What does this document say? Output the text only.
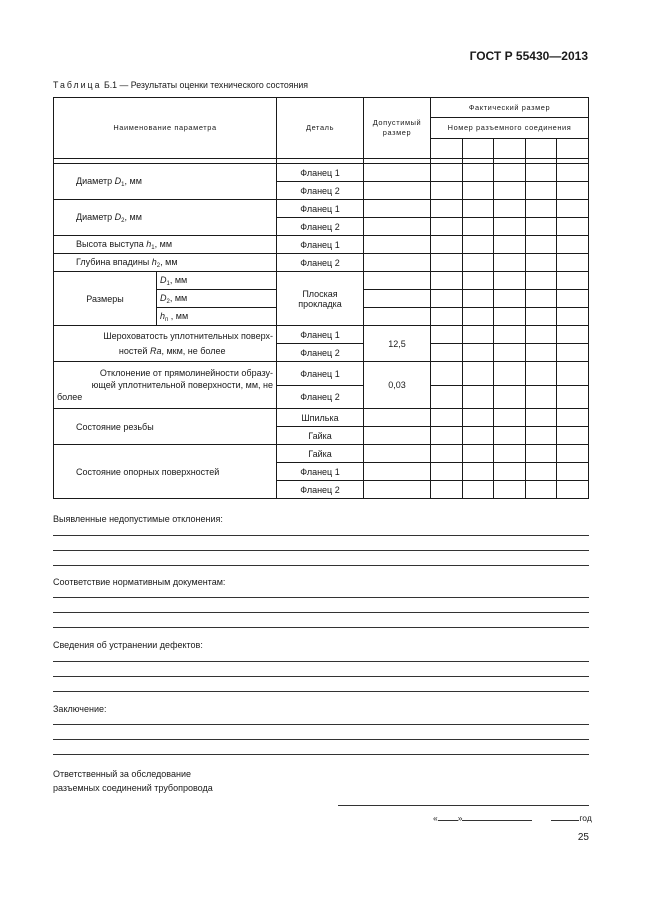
ГОСТ Р 55430—2013
Таблица Б.1 — Результаты оценки технического состояния
Наименование параметра		Деталь	Допустимый размер	Фактический размер				
				Номер разъемного соединения				

Диаметр $D_1$, мм		Фланец 1						
		Фланец 2						
Диаметр $D_2$, мм		Фланец 1						
		Фланец 2						
Высота выступа $h_1$, мм		Фланец 1						
Глубина впадины $h_2$, мм		Фланец 2						
Размеры	$D_1$, мм	Плоская прокладка						
	$D_2$, мм							
	$h_п$ , мм							
Шероховатость уплотнительных поверх-
ностей Ra, мкм, не более		Фланец 1	12,5					
		Фланец 2						
Отклонение от прямолинейности образу-
ющей уплотнительной поверхности, мм, не

более		Фланец 1	0,03					
		Фланец 2						
Состояние резьбы		Шпилька						
		Гайка						
Состояние опорных поверхностей		Гайка						
		Фланец 1						
		Фланец 2						
Выявленные недопустимые отклонения:
Соответствие нормативным документам:
Сведения об устранении дефектов:
Заключение:
Ответственный за обследование
разъемных соединений трубопровода
« »	год
25
